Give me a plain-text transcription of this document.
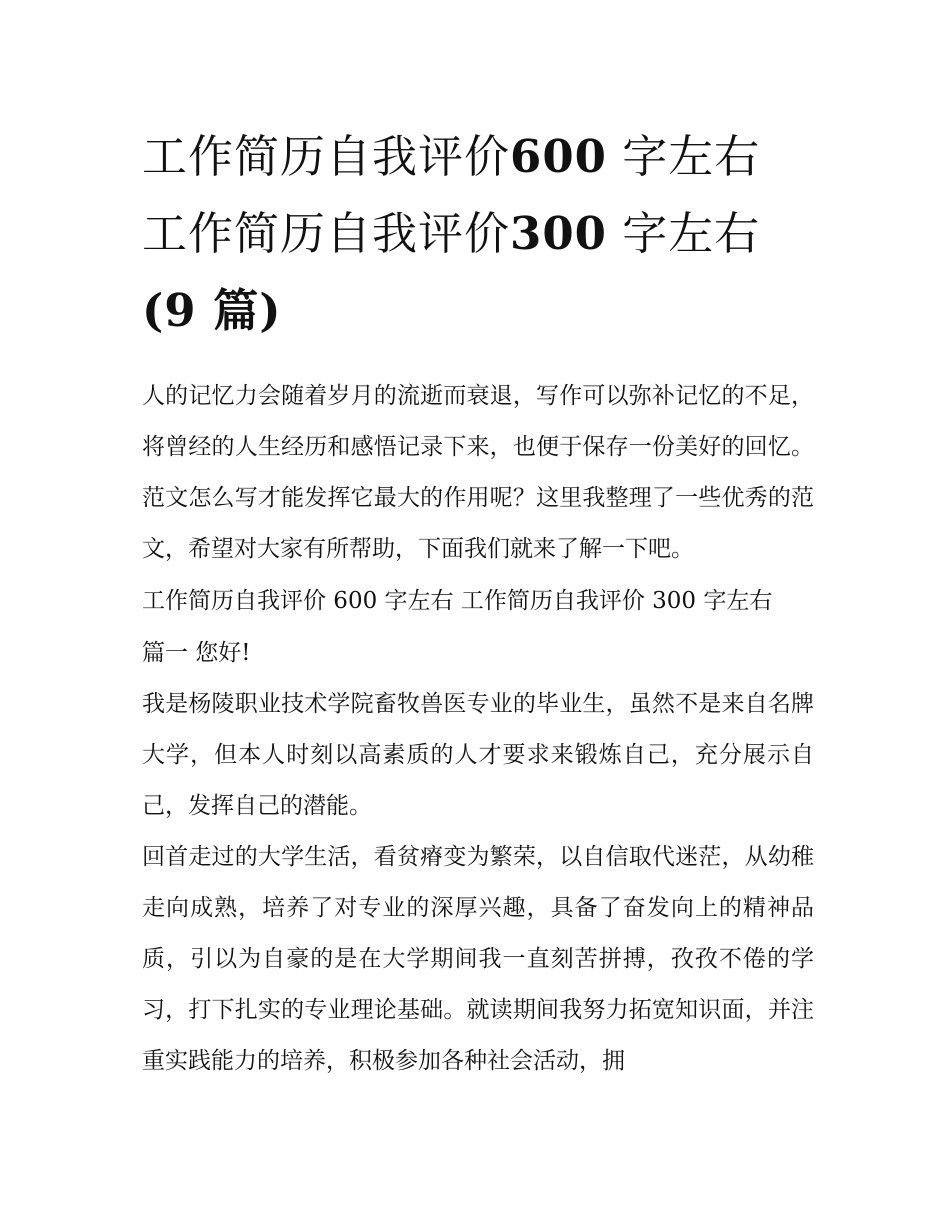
工作简历自我评价600 字左右
工作简历自我评价300 字左右
(9 篇)

人的记忆力会随着岁月的流逝而衰退，写作可以弥补记忆的不足，将曾经的人生经历和感悟记录下来，也便于保存一份美好的回忆。范文怎么写才能发挥它最大的作用呢？这里我整理了一些优秀的范文，希望对大家有所帮助，下面我们就来了解一下吧。

工作简历自我评价 600 字左右 工作简历自我评价 300 字左右

篇一 您好!

我是杨陵职业技术学院畜牧兽医专业的毕业生，虽然不是来自名牌大学，但本人时刻以高素质的人才要求来锻炼自己，充分展示自己，发挥自己的潜能。

回首走过的大学生活，看贫瘠变为繁荣，以自信取代迷茫，从幼稚走向成熟，培养了对专业的深厚兴趣，具备了奋发向上的精神品质，引以为自豪的是在大学期间我一直刻苦拼搏，孜孜不倦的学习，打下扎实的专业理论基础。就读期间我努力拓宽知识面，并注重实践能力的培养，积极参加各种社会活动，拥
